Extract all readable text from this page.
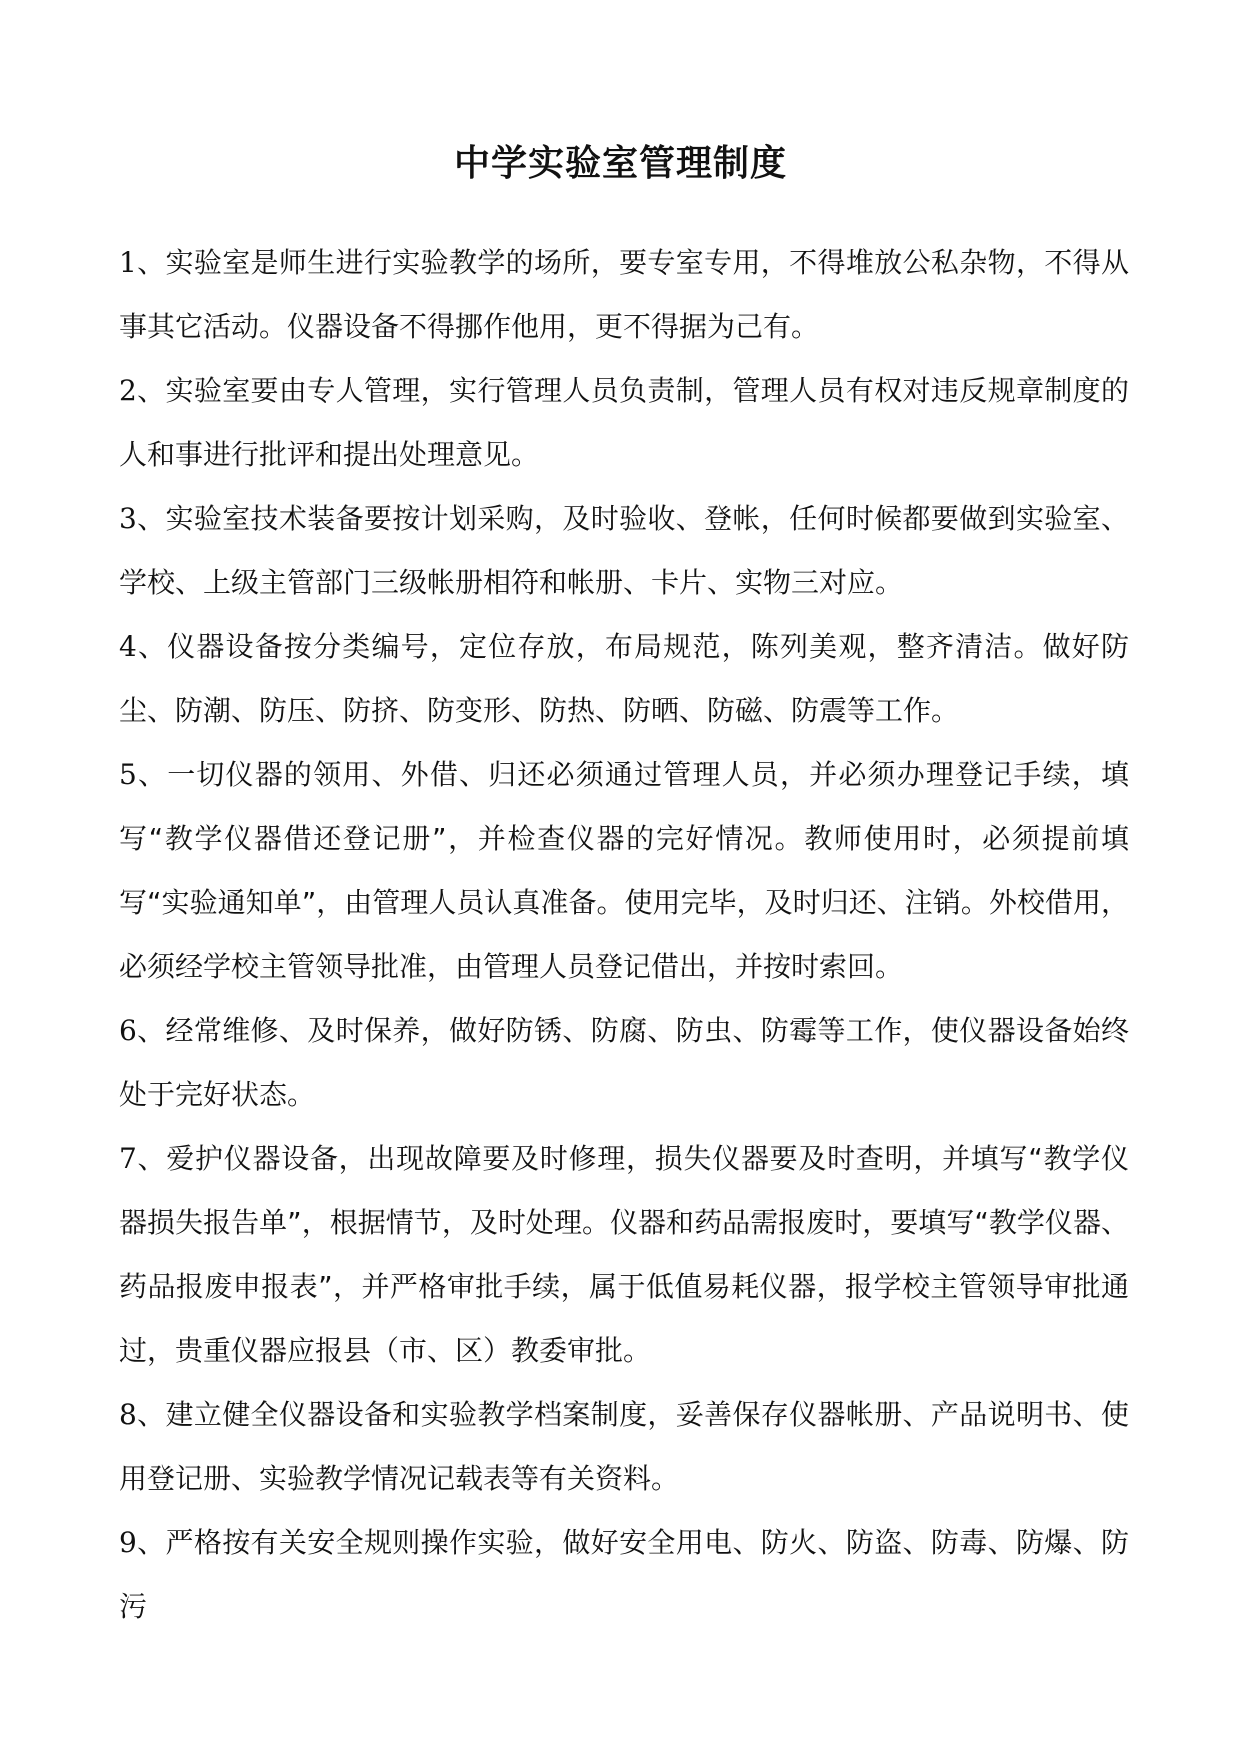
中学实验室管理制度

1、实验室是师生进行实验教学的场所，要专室专用，不得堆放公私杂物，不得从事其它活动。仪器设备不得挪作他用，更不得据为己有。

2、实验室要由专人管理，实行管理人员负责制，管理人员有权对违反规章制度的人和事进行批评和提出处理意见。

3、实验室技术装备要按计划采购，及时验收、登帐，任何时候都要做到实验室、学校、上级主管部门三级帐册相符和帐册、卡片、实物三对应。

4、仪器设备按分类编号，定位存放，布局规范，陈列美观，整齐清洁。做好防尘、防潮、防压、防挤、防变形、防热、防晒、防磁、防震等工作。

5、一切仪器的领用、外借、归还必须通过管理人员，并必须办理登记手续，填写“教学仪器借还登记册”，并检查仪器的完好情况。教师使用时，必须提前填写“实验通知单”，由管理人员认真准备。使用完毕，及时归还、注销。外校借用，必须经学校主管领导批准，由管理人员登记借出，并按时索回。

6、经常维修、及时保养，做好防锈、防腐、防虫、防霉等工作，使仪器设备始终处于完好状态。

7、爱护仪器设备，出现故障要及时修理，损失仪器要及时查明，并填写“教学仪器损失报告单”，根据情节，及时处理。仪器和药品需报废时，要填写“教学仪器、药品报废申报表”，并严格审批手续，属于低值易耗仪器，报学校主管领导审批通过，贵重仪器应报县（市、区）教委审批。

8、建立健全仪器设备和实验教学档案制度，妥善保存仪器帐册、产品说明书、使用登记册、实验教学情况记载表等有关资料。

9、严格按有关安全规则操作实验，做好安全用电、防火、防盗、防毒、防爆、防污
